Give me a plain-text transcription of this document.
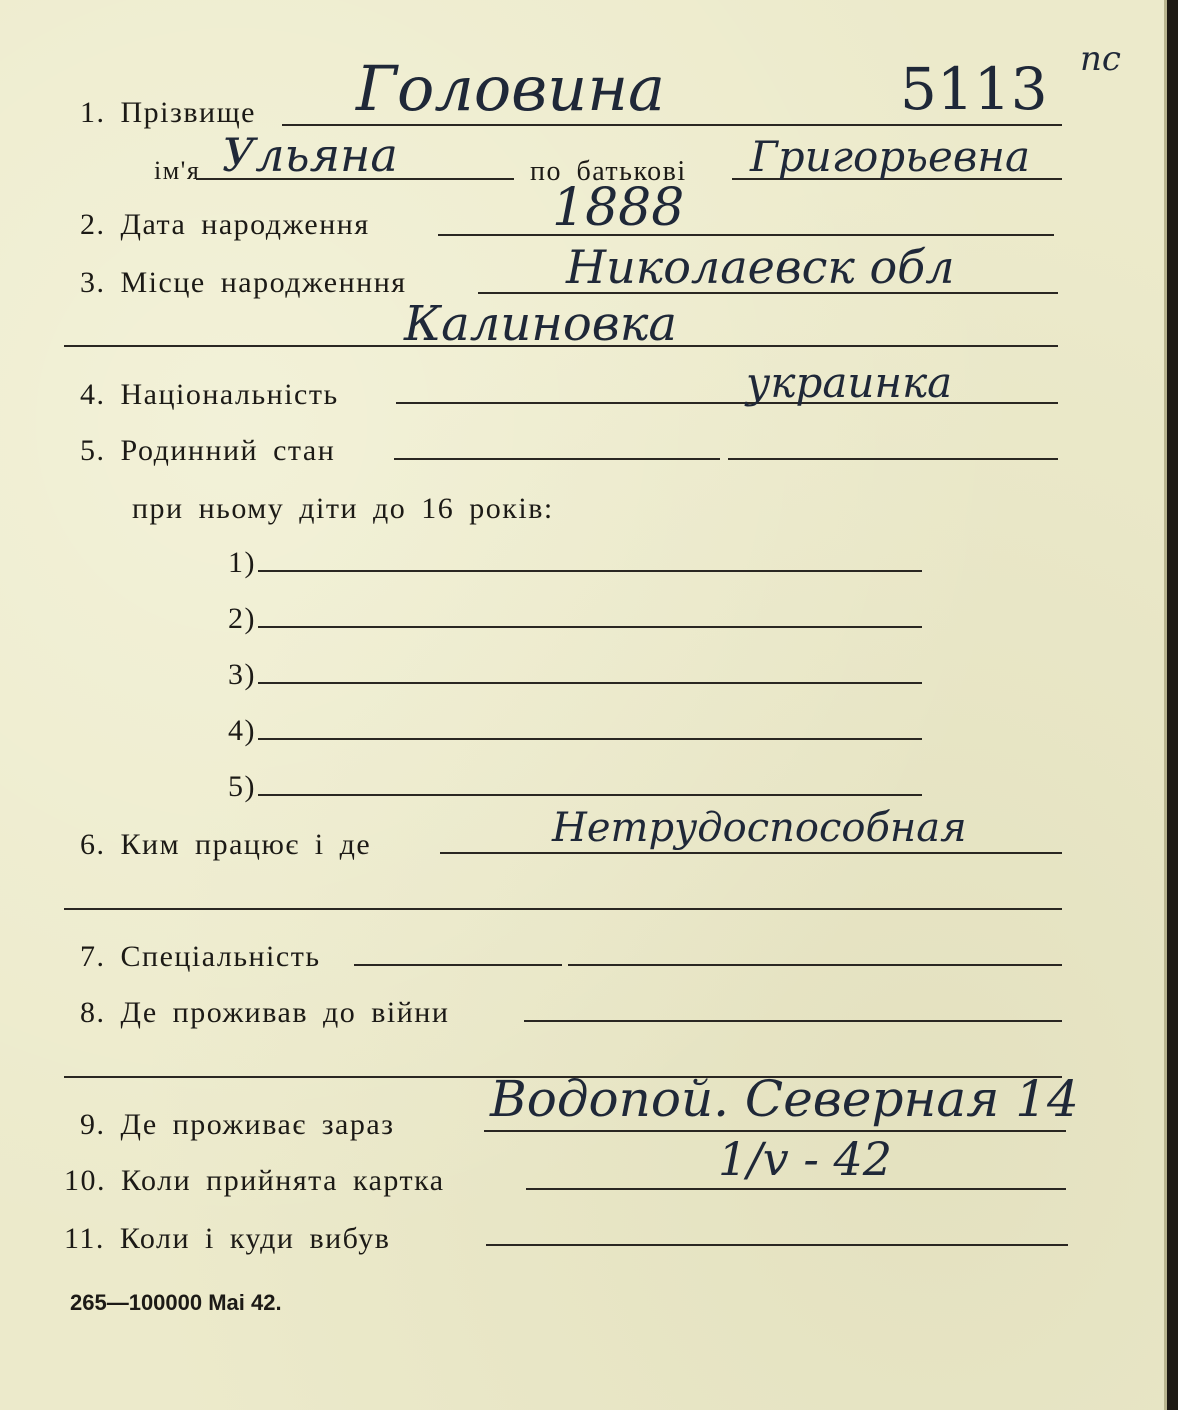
1. Прізвище Головина	5113 пс
ім'я Ульяна	по батькові Григорьевна
2. Дата народження	1888
3. Місце народженння	Николаевск обл
Калиновка
4. Національність	украинка
5. Родинний стан
при ньому діти до 16 років:
1)
2)
3)
4)
5)
6. Ким працює і де	Нетрудоспособная
7. Спеціальність
8. Де проживав до війни
9. Де проживає зараз Водопой. Северная 14
10. Коли прийнята картка	1/v - 42
11. Коли і куди вибув
265—100000 Mai 42.
